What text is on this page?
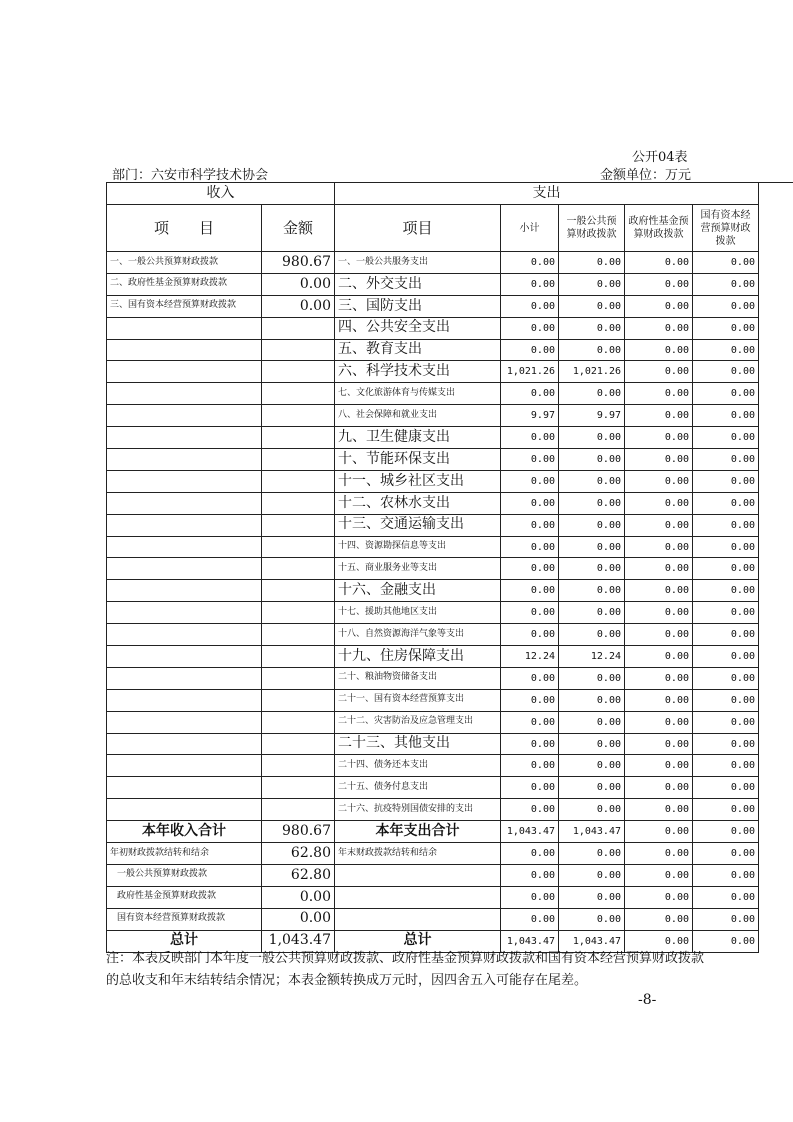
公开04表
部门：六安市科学技术协会	金额单位：万元
收入		支出				
项　　目	金额	项目	小计	一般公共预算财政拨款	政府性基金预算财政拨款	国有资本经营预算财政拨款
一、一般公共预算财政拨款	980.67	一、一般公共服务支出	0.00	0.00	0.00	0.00
二、政府性基金预算财政拨款	0.00	二、外交支出	0.00	0.00	0.00	0.00
三、国有资本经营预算财政拨款	0.00	三、国防支出	0.00	0.00	0.00	0.00
		四、公共安全支出	0.00	0.00	0.00	0.00
		五、教育支出	0.00	0.00	0.00	0.00
		六、科学技术支出	1,021.26	1,021.26	0.00	0.00
		七、文化旅游体育与传媒支出	0.00	0.00	0.00	0.00
		八、社会保障和就业支出	9.97	9.97	0.00	0.00
		九、卫生健康支出	0.00	0.00	0.00	0.00
		十、节能环保支出	0.00	0.00	0.00	0.00
		十一、城乡社区支出	0.00	0.00	0.00	0.00
		十二、农林水支出	0.00	0.00	0.00	0.00
		十三、交通运输支出	0.00	0.00	0.00	0.00
		十四、资源勘探信息等支出	0.00	0.00	0.00	0.00
		十五、商业服务业等支出	0.00	0.00	0.00	0.00
		十六、金融支出	0.00	0.00	0.00	0.00
		十七、援助其他地区支出	0.00	0.00	0.00	0.00
		十八、自然资源海洋气象等支出	0.00	0.00	0.00	0.00
		十九、住房保障支出	12.24	12.24	0.00	0.00
		二十、粮油物资储备支出	0.00	0.00	0.00	0.00
		二十一、国有资本经营预算支出	0.00	0.00	0.00	0.00
		二十二、灾害防治及应急管理支出	0.00	0.00	0.00	0.00
		二十三、其他支出	0.00	0.00	0.00	0.00
		二十四、债务还本支出	0.00	0.00	0.00	0.00
		二十五、债务付息支出	0.00	0.00	0.00	0.00
		二十六、抗疫特别国债安排的支出	0.00	0.00	0.00	0.00
本年收入合计	980.67	本年支出合计	1,043.47	1,043.47	0.00	0.00
年初财政拨款结转和结余	62.80	年末财政拨款结转和结余	0.00	0.00	0.00	0.00
一般公共预算财政拨款	62.80		0.00	0.00	0.00	0.00
政府性基金预算财政拨款	0.00		0.00	0.00	0.00	0.00
国有资本经营预算财政拨款	0.00		0.00	0.00	0.00	0.00
总计	1,043.47	总计	1,043.47	1,043.47	0.00	0.00
注：本表反映部门本年度一般公共预算财政拨款、政府性基金预算财政拨款和国有资本经营预算财政拨款的总收支和年末结转结余情况；本表金额转换成万元时，因四舍五入可能存在尾差。
-8-
